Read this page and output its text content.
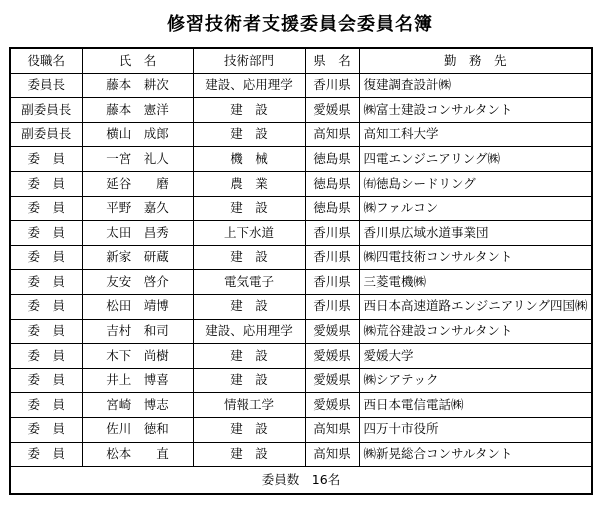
修習技術者支援委員会委員名簿
役職名	氏　名	技術部門	県　名	勤　務　先
委員長	藤本　耕次	建設、応用理学	香川県	復建調査設計㈱
副委員長	藤本　憲洋	建　設	愛媛県	㈱富士建設コンサルタント
副委員長	横山　成郎	建　設	高知県	高知工科大学
委　員	一宮　礼人	機　械	徳島県	四電エンジニアリング㈱
委　員	延谷　　磨	農　業	徳島県	㈲徳島シードリング
委　員	平野　嘉久	建　設	徳島県	㈱ファルコン
委　員	太田　昌秀	上下水道	香川県	香川県広域水道事業団
委　員	新家　研蔵	建　設	香川県	㈱四電技術コンサルタント
委　員	友安　啓介	電気電子	香川県	三菱電機㈱
委　員	松田　靖博	建　設	香川県	西日本高速道路エンジニアリング四国㈱
委　員	吉村　和司	建設、応用理学	愛媛県	㈱荒谷建設コンサルタント
委　員	木下　尚樹	建　設	愛媛県	愛媛大学
委　員	井上　博喜	建　設	愛媛県	㈱シアテック
委　員	宮崎　博志	情報工学	愛媛県	西日本電信電話㈱
委　員	佐川　徳和	建　設	高知県	四万十市役所
委　員	松本　　直	建　設	高知県	㈱新晃総合コンサルタント
委員数　16名				
